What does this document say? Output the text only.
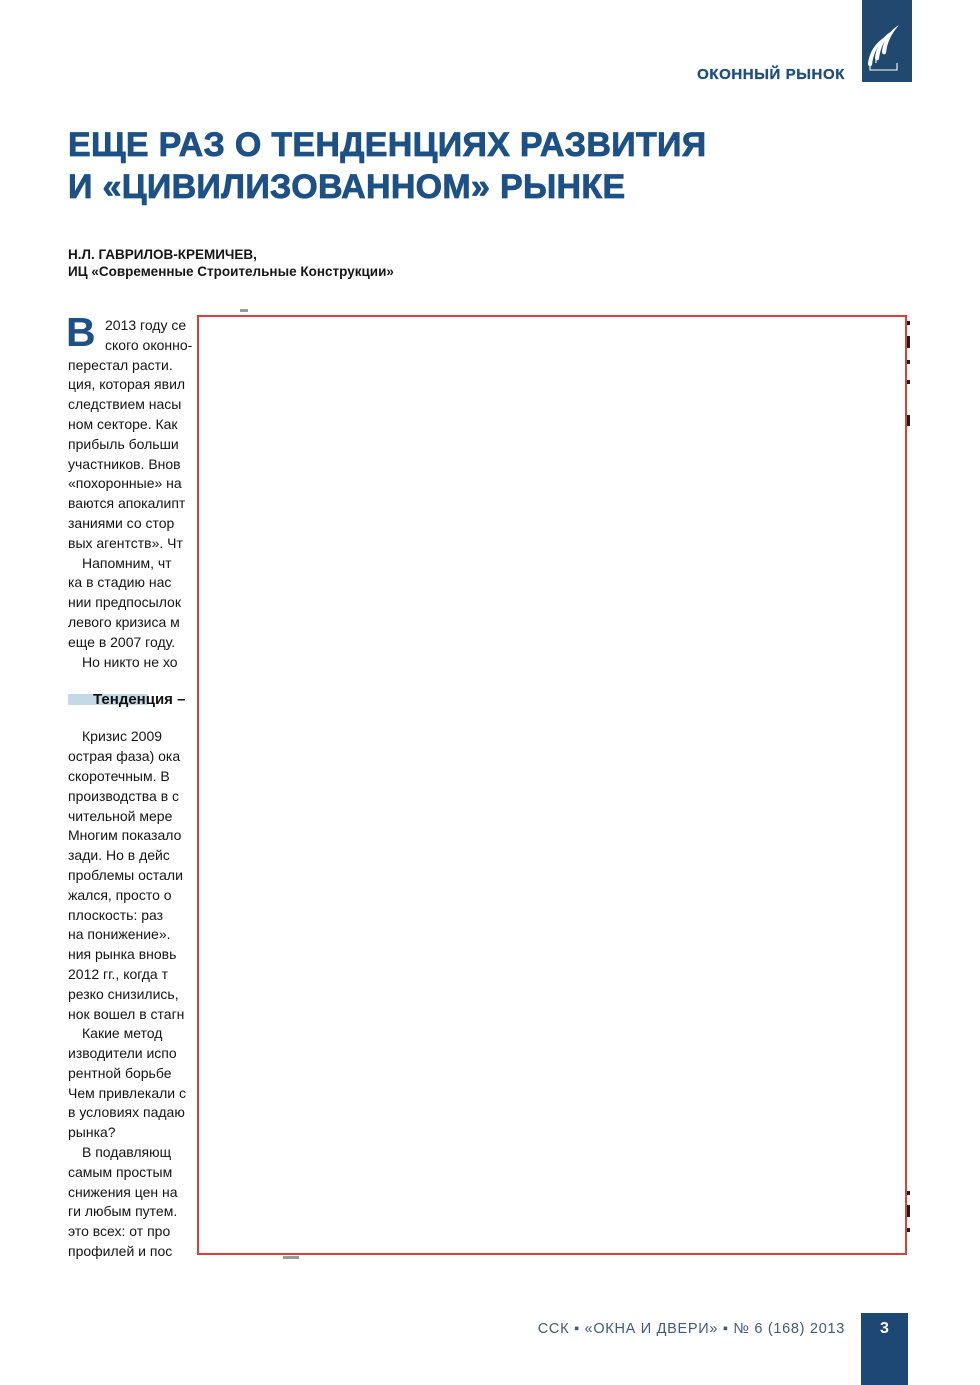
ОКОННЫЙ РЫНОК
ЕЩЕ РАЗ О ТЕНДЕНЦИЯХ РАЗВИТИЯ
И «ЦИВИЛИЗОВАННОМ» РЫНКЕ
Н.Л. ГАВРИЛОВ-КРЕМИЧЕВ,
ИЦ «Современные Строительные Конструкции»
В 2013 году се
ского оконно-
перестал расти.
ция, которая явил
следствием насы
ном секторе. Как
прибыль больши
участников. Внов
«похоронные» на
ваются апокалипт
заниями со стор
вых агентств». Чт
Напомним, чт
ка в стадию нас
нии предпосылок
левого кризиса м
еще в 2007 году.
Но никто не хо
Тенденция –
Кризис 2009
острая фаза) ока
скоротечным. В
производства в с
чительной мере
Многим показало
зади. Но в дейс
проблемы остали
жался, просто о
плоскость: раз
на понижение».
ния рынка вновь
2012 гг., когда т
резко снизились,
нок вошел в стагн
Какие метод
изводители испо
рентной борьбе
Чем привлекали с
в условиях падаю
рынка?
В подавляющ
самым простым
снижения цен на
ги любым путем.
это всех: от про
профилей и пос
ССК ▪ «ОКНА И ДВЕРИ» ▪ № 6 (168) 2013	3
